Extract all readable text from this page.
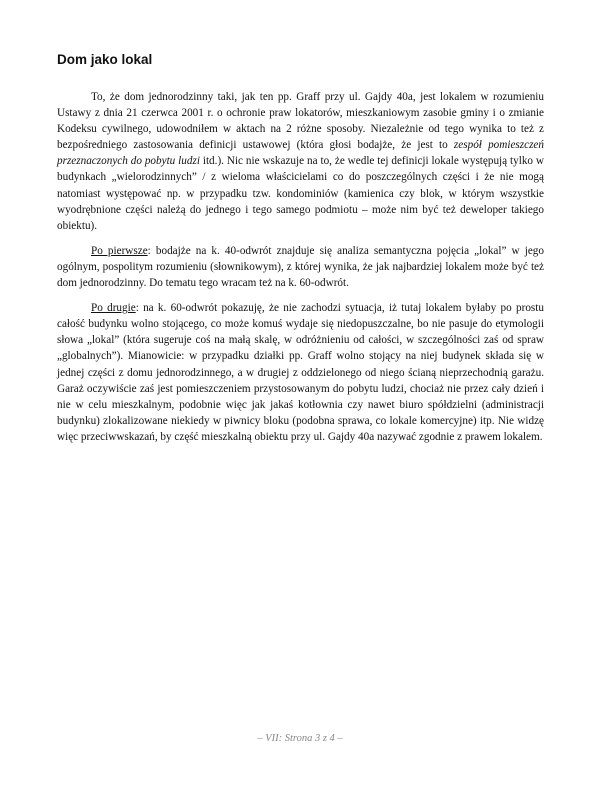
Dom jako lokal

To, że dom jednorodzinny taki, jak ten pp. Graff przy ul. Gajdy 40a, jest lokalem w rozumieniu Ustawy z dnia 21 czerwca 2001 r. o ochronie praw lokatorów, mieszkaniowym zasobie gminy i o zmianie Kodeksu cywilnego, udowodniłem w aktach na 2 różne sposoby. Niezależnie od tego wynika to też z bezpośredniego zastosowania definicji ustawowej (która głosi bodajże, że jest to zespół pomieszczeń przeznaczonych do pobytu ludzi itd.). Nic nie wskazuje na to, że wedle tej definicji lokale występują tylko w budynkach „wielorodzinnych” / z wieloma właścicielami co do poszczególnych części i że nie mogą natomiast występować np. w przypadku tzw. kondominiów (kamienica czy blok, w którym wszystkie wyodrębnione części należą do jednego i tego samego podmiotu – może nim być też deweloper takiego obiektu).

Po pierwsze: bodajże na k. 40-odwrót znajduje się analiza semantyczna pojęcia „lokal” w jego ogólnym, pospolitym rozumieniu (słownikowym), z której wynika, że jak najbardziej lokalem może być też dom jednorodzinny. Do tematu tego wracam też na k. 60-odwrót.

Po drugie: na k. 60-odwrót pokazuję, że nie zachodzi sytuacja, iż tutaj lokalem byłaby po prostu całość budynku wolno stojącego, co może komuś wydaje się niedopuszczalne, bo nie pasuje do etymologii słowa „lokal” (która sugeruje coś na małą skalę, w odróżnieniu od całości, w szczególności zaś od spraw „globalnych”). Mianowicie: w przypadku działki pp. Graff wolno stojący na niej budynek składa się w jednej części z domu jednorodzinnego, a w drugiej z oddzielonego od niego ścianą nieprzechodnią garażu. Garaż oczywiście zaś jest pomieszczeniem przystosowanym do pobytu ludzi, chociaż nie przez cały dzień i nie w celu mieszkalnym, podobnie więc jak jakaś kotłownia czy nawet biuro spółdzielni (administracji budynku) zlokalizowane niekiedy w piwnicy bloku (podobna sprawa, co lokale komercyjne) itp. Nie widzę więc przeciwwskazań, by część mieszkalną obiektu przy ul. Gajdy 40a nazywać zgodnie z prawem lokalem.

– VII: Strona 3 z 4 –
